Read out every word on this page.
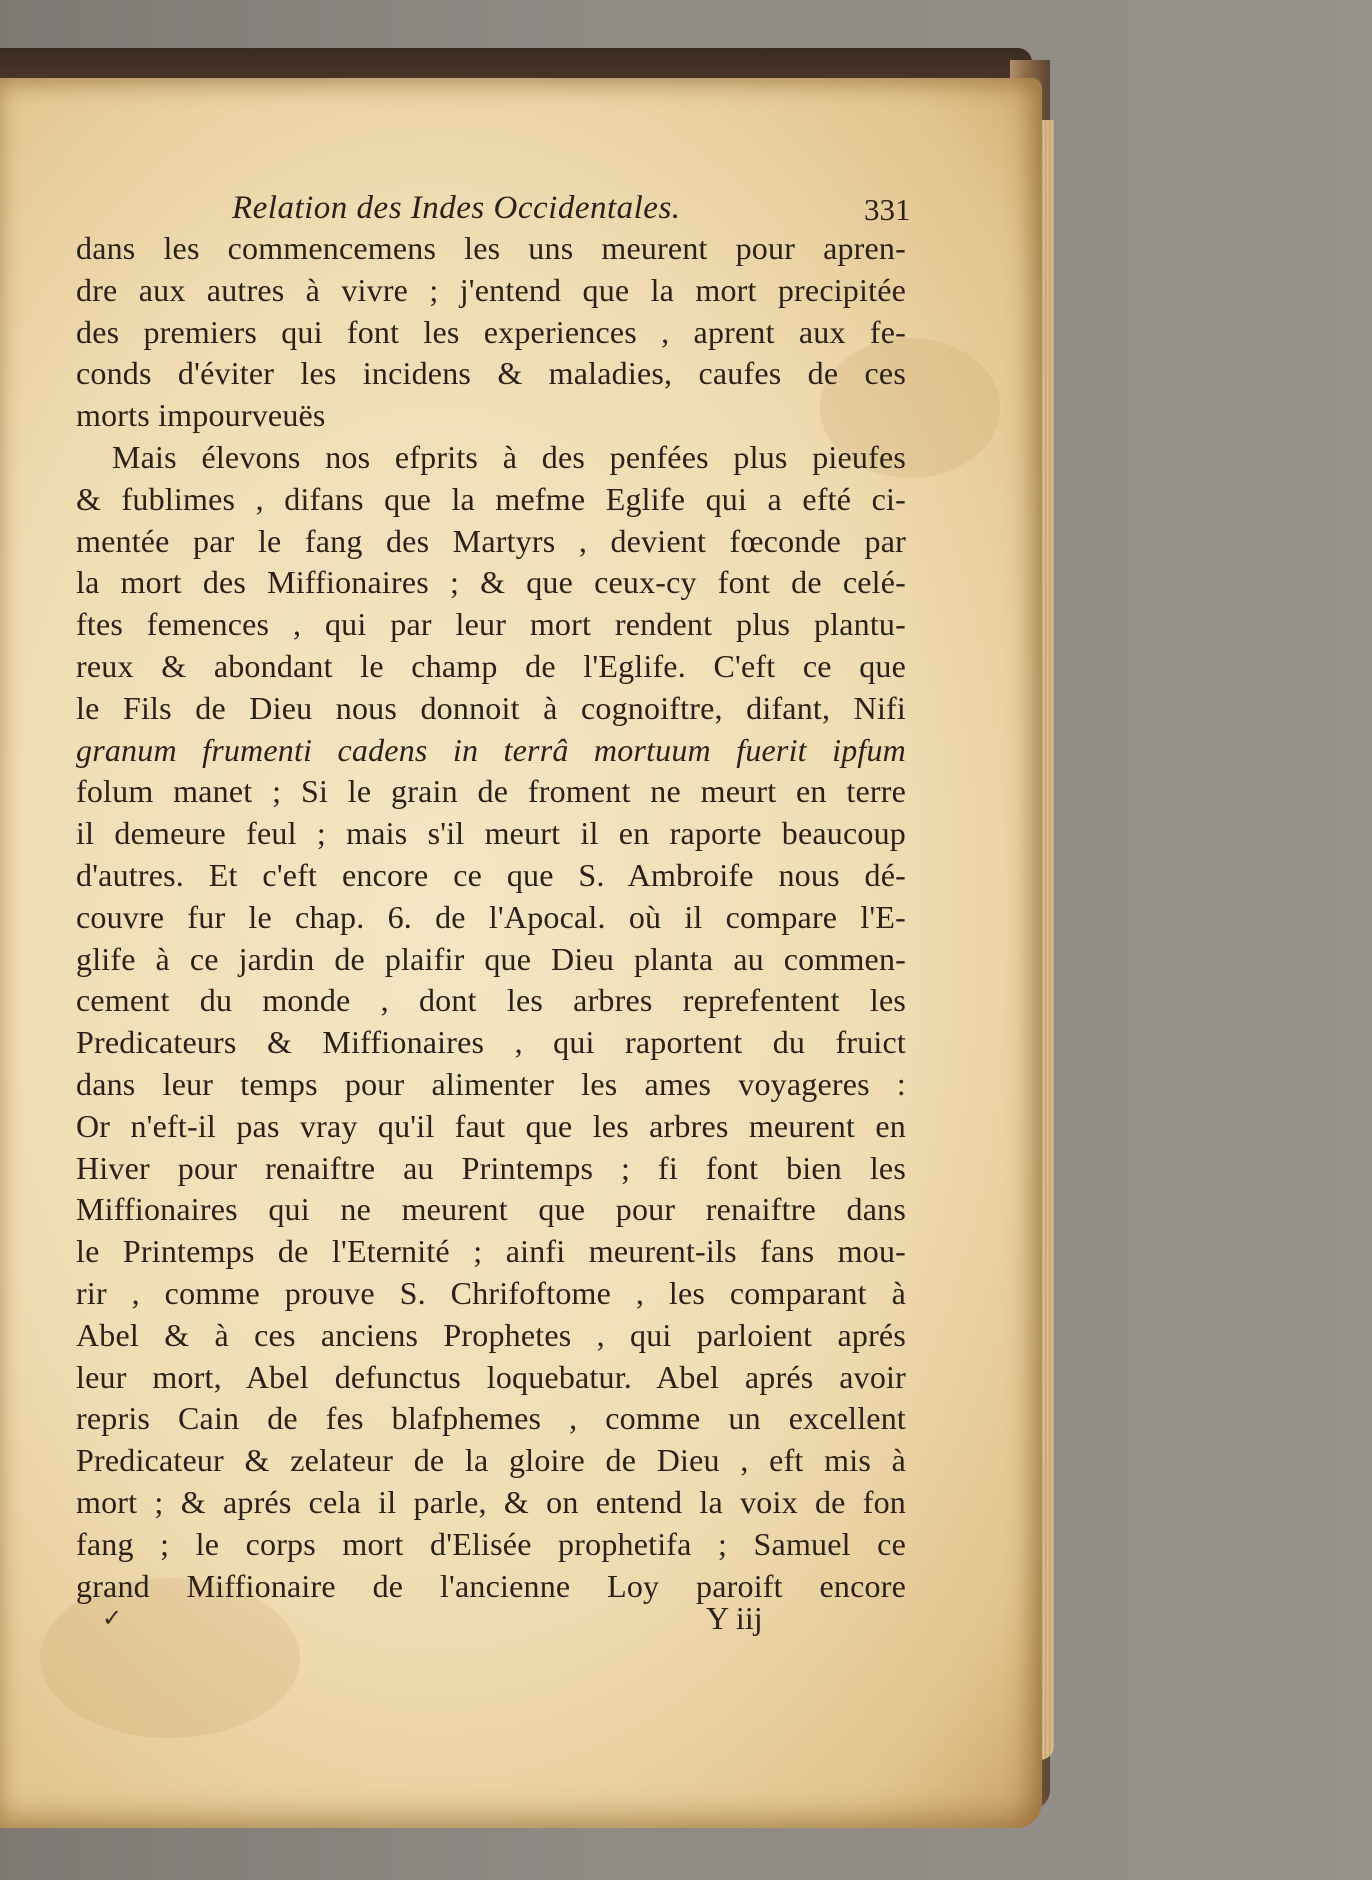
Relation des Indes Occidentales.	331
dans les commencemens les uns meurent pour apren-
dre aux autres à vivre ; j'entend que la mort precipitée
des premiers qui font les experiences , aprent aux fe-
conds d'éviter les incidens & maladies, caufes de ces
morts impourveuës
Mais élevons nos efprits à des penfées plus pieufes
& fublimes , difans que la mefme Eglife qui a efté ci-
mentée par le fang des Martyrs , devient fœconde par
la mort des Miffionaires ; & que ceux-cy font de celé-
ftes femences , qui par leur mort rendent plus plantu-
reux & abondant le champ de l'Eglife. C'eft ce que
le Fils de Dieu nous donnoit à cognoiftre, difant, Nifi
granum frumenti cadens in terrâ mortuum fuerit ipfum
folum manet ; Si le grain de froment ne meurt en terre
il demeure feul ; mais s'il meurt il en raporte beaucoup
d'autres. Et c'eft encore ce que S. Ambroife nous dé-
couvre fur le chap. 6. de l'Apocal. où il compare l'E-
glife à ce jardin de plaifir que Dieu planta au commen-
cement du monde , dont les arbres reprefentent les
Predicateurs & Miffionaires , qui raportent du fruict
dans leur temps pour alimenter les ames voyageres :
Or n'eft-il pas vray qu'il faut que les arbres meurent en
Hiver pour renaiftre au Printemps ; fi font bien les
Miffionaires qui ne meurent que pour renaiftre dans
le Printemps de l'Eternité ; ainfi meurent-ils fans mou-
rir , comme prouve S. Chrifoftome , les comparant à
Abel & à ces anciens Prophetes , qui parloient aprés
leur mort, Abel defunctus loquebatur. Abel aprés avoir
repris Cain de fes blafphemes , comme un excellent
Predicateur & zelateur de la gloire de Dieu , eft mis à
mort ; & aprés cela il parle, & on entend la voix de fon
fang ; le corps mort d'Elisée prophetifa ; Samuel ce
grand Miffionaire de l'ancienne Loy paroift encore
✓	Y iij
